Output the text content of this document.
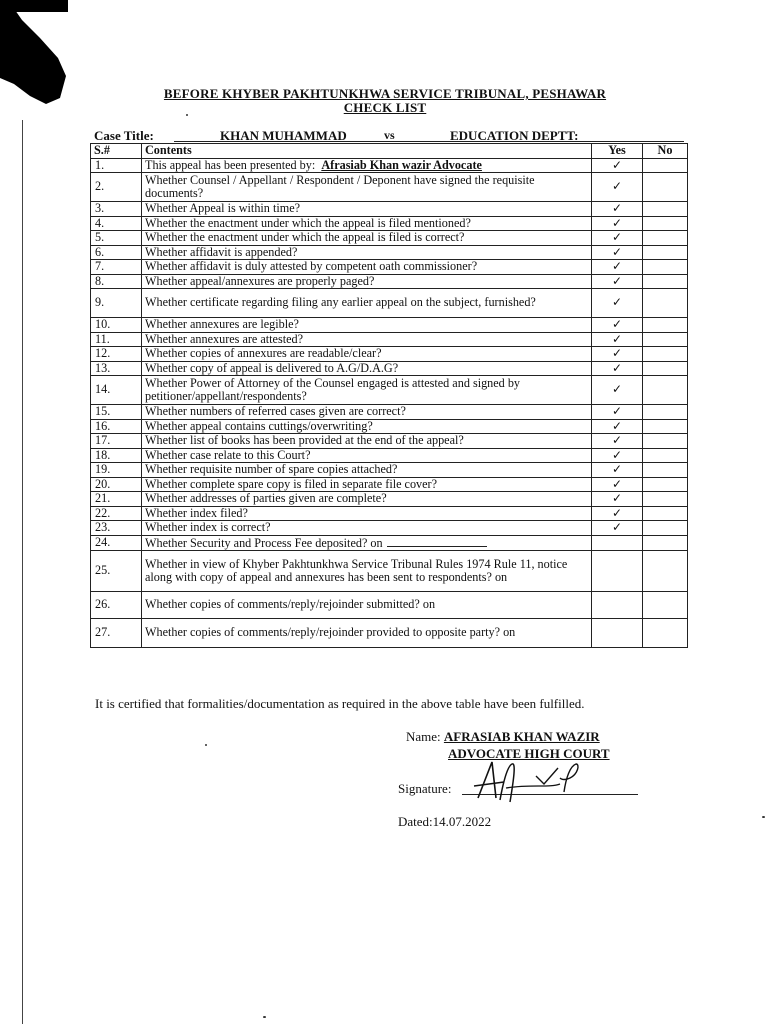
BEFORE KHYBER PAKHTUNKHWA SERVICE TRIBUNAL, PESHAWAR
CHECK LIST
Case Title:	KHAN MUHAMMAD	vs	EDUCATION DEPTT:
S.#	Contents	Yes	No
1.	This appeal has been presented by: Afrasiab Khan wazir Advocate	✓	
2.	Whether Counsel / Appellant / Respondent / Deponent have signed the requisite documents?	✓	
3.	Whether Appeal is within time?	✓	
4.	Whether the enactment under which the appeal is filed mentioned?	✓	
5.	Whether the enactment under which the appeal is filed is correct?	✓	
6.	Whether affidavit is appended?	✓	
7.	Whether affidavit is duly attested by competent oath commissioner?	✓	
8.	Whether appeal/annexures are properly paged?	✓	
9.	Whether certificate regarding filing any earlier appeal on the subject, furnished?	✓	
10.	Whether annexures are legible?	✓	
11.	Whether annexures are attested?	✓	
12.	Whether copies of annexures are readable/clear?	✓	
13.	Whether copy of appeal is delivered to A.G/D.A.G?	✓	
14.	Whether Power of Attorney of the Counsel engaged is attested and signed by petitioner/appellant/respondents?	✓	
15.	Whether numbers of referred cases given are correct?	✓	
16.	Whether appeal contains cuttings/overwriting?	✓	
17.	Whether list of books has been provided at the end of the appeal?	✓	
18.	Whether case relate to this Court?	✓	
19.	Whether requisite number of spare copies attached?	✓	
20.	Whether complete spare copy is filed in separate file cover?	✓	
21.	Whether addresses of parties given are complete?	✓	
22.	Whether index filed?	✓	
23.	Whether index is correct?	✓	
24.	Whether Security and Process Fee deposited? on		
25.	Whether in view of Khyber Pakhtunkhwa Service Tribunal Rules 1974 Rule 11, notice along with copy of appeal and annexures has been sent to respondents? on		
26.	Whether copies of comments/reply/rejoinder submitted? on		
27.	Whether copies of comments/reply/rejoinder provided to opposite party? on		
It is certified that formalities/documentation as required in the above table have been fulfilled.
Name: AFRASIAB KHAN WAZIR
ADVOCATE HIGH COURT
Signature:
Dated:14.07.2022
